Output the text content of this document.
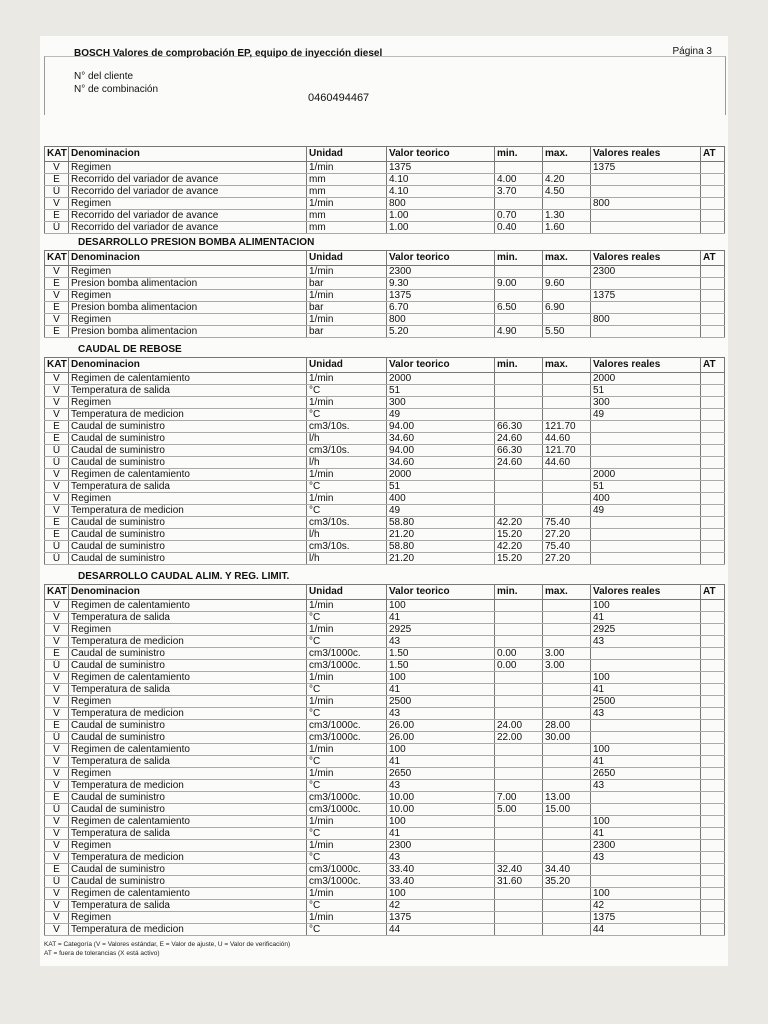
BOSCH Valores de comprobación EP, equipo de inyección diesel	Página 3
N° del cliente
N° de combinación
0460494467
KAT	Denominacion	Unidad	Valor teorico	min.	max.	Valores reales	AT
V	Regimen	1/min	1375			1375	
E	Recorrido del variador de avance	mm	4.10	4.00	4.20		
Ü	Recorrido del variador de avance	mm	4.10	3.70	4.50		
V	Regimen	1/min	800			800	
E	Recorrido del variador de avance	mm	1.00	0.70	1.30		
Ü	Recorrido del variador de avance	mm	1.00	0.40	1.60		
DESARROLLO PRESION BOMBA ALIMENTACION
KAT	Denominacion	Unidad	Valor teorico	min.	max.	Valores reales	AT
V	Regimen	1/min	2300			2300	
E	Presion bomba alimentacion	bar	9.30	9.00	9.60		
V	Regimen	1/min	1375			1375	
E	Presion bomba alimentacion	bar	6.70	6.50	6.90		
V	Regimen	1/min	800			800	
E	Presion bomba alimentacion	bar	5.20	4.90	5.50		
CAUDAL DE REBOSE
KAT	Denominacion	Unidad	Valor teorico	min.	max.	Valores reales	AT
V	Regimen de calentamiento	1/min	2000			2000	
V	Temperatura de salida	°C	51			51	
V	Regimen	1/min	300			300	
V	Temperatura de medicion	°C	49			49	
E	Caudal de suministro	cm3/10s.	94.00	66.30	121.70		
E	Caudal de suministro	l/h	34.60	24.60	44.60		
Ü	Caudal de suministro	cm3/10s.	94.00	66.30	121.70		
Ü	Caudal de suministro	l/h	34.60	24.60	44.60		
V	Regimen de calentamiento	1/min	2000			2000	
V	Temperatura de salida	°C	51			51	
V	Regimen	1/min	400			400	
V	Temperatura de medicion	°C	49			49	
E	Caudal de suministro	cm3/10s.	58.80	42.20	75.40		
E	Caudal de suministro	l/h	21.20	15.20	27.20		
Ü	Caudal de suministro	cm3/10s.	58.80	42.20	75.40		
Ü	Caudal de suministro	l/h	21.20	15.20	27.20		
DESARROLLO CAUDAL ALIM. Y REG. LIMIT.
KAT	Denominacion	Unidad	Valor teorico	min.	max.	Valores reales	AT
V	Regimen de calentamiento	1/min	100			100	
V	Temperatura de salida	°C	41			41	
V	Regimen	1/min	2925			2925	
V	Temperatura de medicion	°C	43			43	
E	Caudal de suministro	cm3/1000c.	1.50	0.00	3.00		
Ü	Caudal de suministro	cm3/1000c.	1.50	0.00	3.00		
V	Regimen de calentamiento	1/min	100			100	
V	Temperatura de salida	°C	41			41	
V	Regimen	1/min	2500			2500	
V	Temperatura de medicion	°C	43			43	
E	Caudal de suministro	cm3/1000c.	26.00	24.00	28.00		
Ü	Caudal de suministro	cm3/1000c.	26.00	22.00	30.00		
V	Regimen de calentamiento	1/min	100			100	
V	Temperatura de salida	°C	41			41	
V	Regimen	1/min	2650			2650	
V	Temperatura de medicion	°C	43			43	
E	Caudal de suministro	cm3/1000c.	10.00	7.00	13.00		
Ü	Caudal de suministro	cm3/1000c.	10.00	5.00	15.00		
V	Regimen de calentamiento	1/min	100			100	
V	Temperatura de salida	°C	41			41	
V	Regimen	1/min	2300			2300	
V	Temperatura de medicion	°C	43			43	
E	Caudal de suministro	cm3/1000c.	33.40	32.40	34.40		
Ü	Caudal de suministro	cm3/1000c.	33.40	31.60	35.20		
V	Regimen de calentamiento	1/min	100			100	
V	Temperatura de salida	°C	42			42	
V	Regimen	1/min	1375			1375	
V	Temperatura de medicion	°C	44			44	
KAT = Categoría (V = Valores estándar, E = Valor de ajuste, U = Valor de verificación)
AT = fuera de tolerancias (X está activo)
